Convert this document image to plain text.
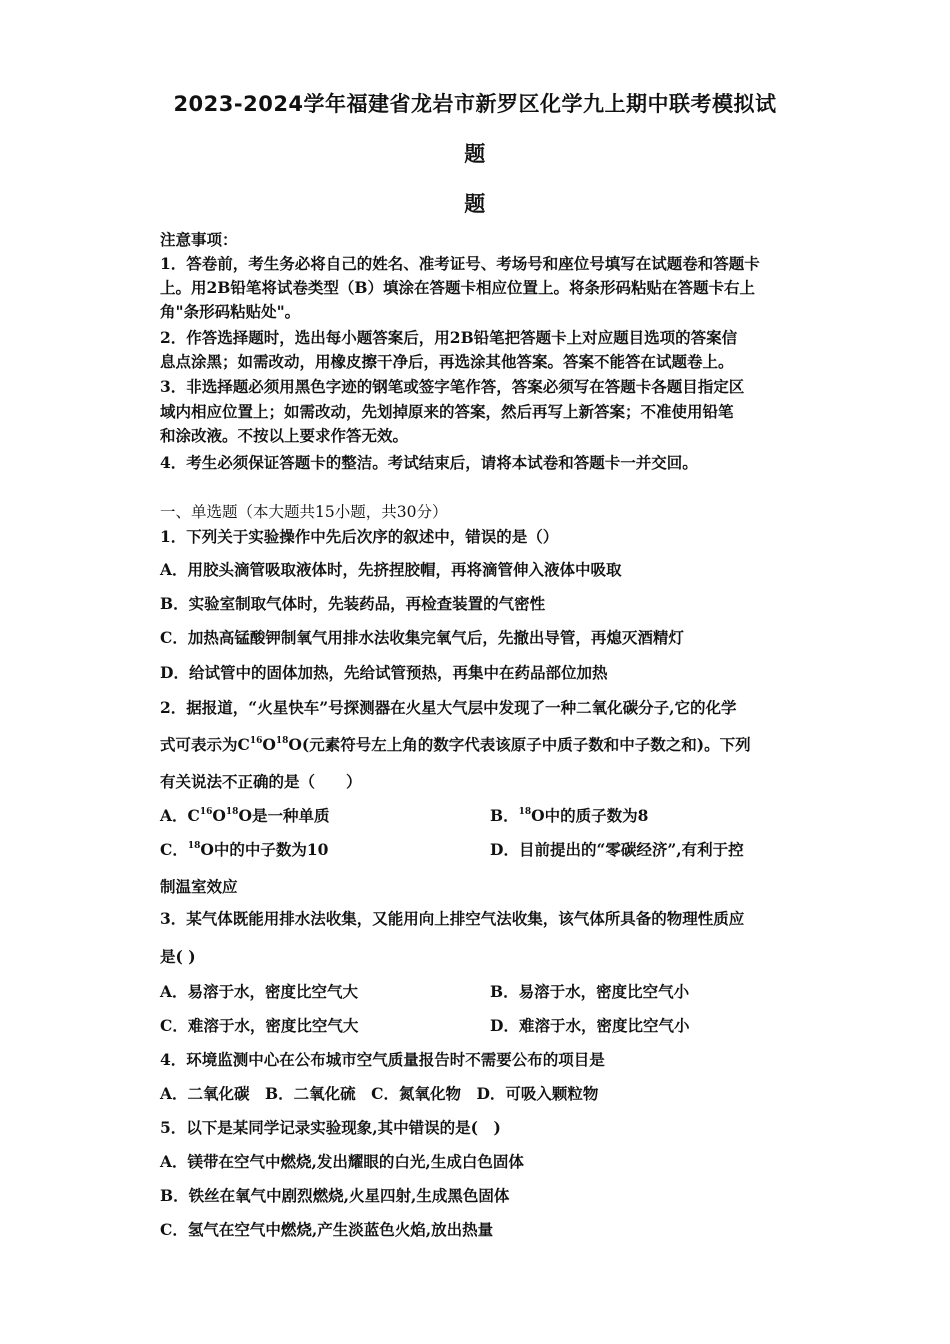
2023-2024学年福建省龙岩市新罗区化学九上期中联考模拟试
题
题
注意事项：
1．答卷前，考生务必将自己的姓名、准考证号、考场号和座位号填写在试题卷和答题卡
上。用2B铅笔将试卷类型（B）填涂在答题卡相应位置上。将条形码粘贴在答题卡右上
角"条形码粘贴处"。
2．作答选择题时，选出每小题答案后，用2B铅笔把答题卡上对应题目选项的答案信
息点涂黑；如需改动，用橡皮擦干净后，再选涂其他答案。答案不能答在试题卷上。
3．非选择题必须用黑色字迹的钢笔或签字笔作答，答案必须写在答题卡各题目指定区
域内相应位置上；如需改动，先划掉原来的答案，然后再写上新答案；不准使用铅笔
和涂改液。不按以上要求作答无效。
4．考生必须保证答题卡的整洁。考试结束后，请将本试卷和答题卡一并交回。
一、单选题（本大题共15小题，共30分）
1．下列关于实验操作中先后次序的叙述中，错误的是（）
A．用胶头滴管吸取液体时，先挤捏胶帽，再将滴管伸入液体中吸取
B．实验室制取气体时，先装药品，再检查装置的气密性
C．加热高锰酸钾制氧气用排水法收集完氧气后，先撤出导管，再熄灭酒精灯
D．给试管中的固体加热，先给试管预热，再集中在药品部位加热
2．据报道，“火星快车”号探测器在火星大气层中发现了一种二氧化碳分子,它的化学
式可表示为$C^{16}O^{18}O$(元素符号左上角的数字代表该原子中质子数和中子数之和)。下列
有关说法不正确的是（　　）
A．$C^{16}O^{18}O$是一种单质	B．$^{18}$O中的质子数为8
C．$^{18}$O中的中子数为10	D．目前提出的“零碳经济”,有利于控
制温室效应
3．某气体既能用排水法收集，又能用向上排空气法收集，该气体所具备的物理性质应
是( )
A．易溶于水，密度比空气大	B．易溶于水，密度比空气小
C．难溶于水，密度比空气大	D．难溶于水，密度比空气小
4．环境监测中心在公布城市空气质量报告时不需要公布的项目是
A．二氧化碳　B．二氧化硫　C．氮氧化物　D．可吸入颗粒物
5．以下是某同学记录实验现象,其中错误的是(　)
A．镁带在空气中燃烧,发出耀眼的白光,生成白色固体
B．铁丝在氧气中剧烈燃烧,火星四射,生成黑色固体
C．氢气在空气中燃烧,产生淡蓝色火焰,放出热量
